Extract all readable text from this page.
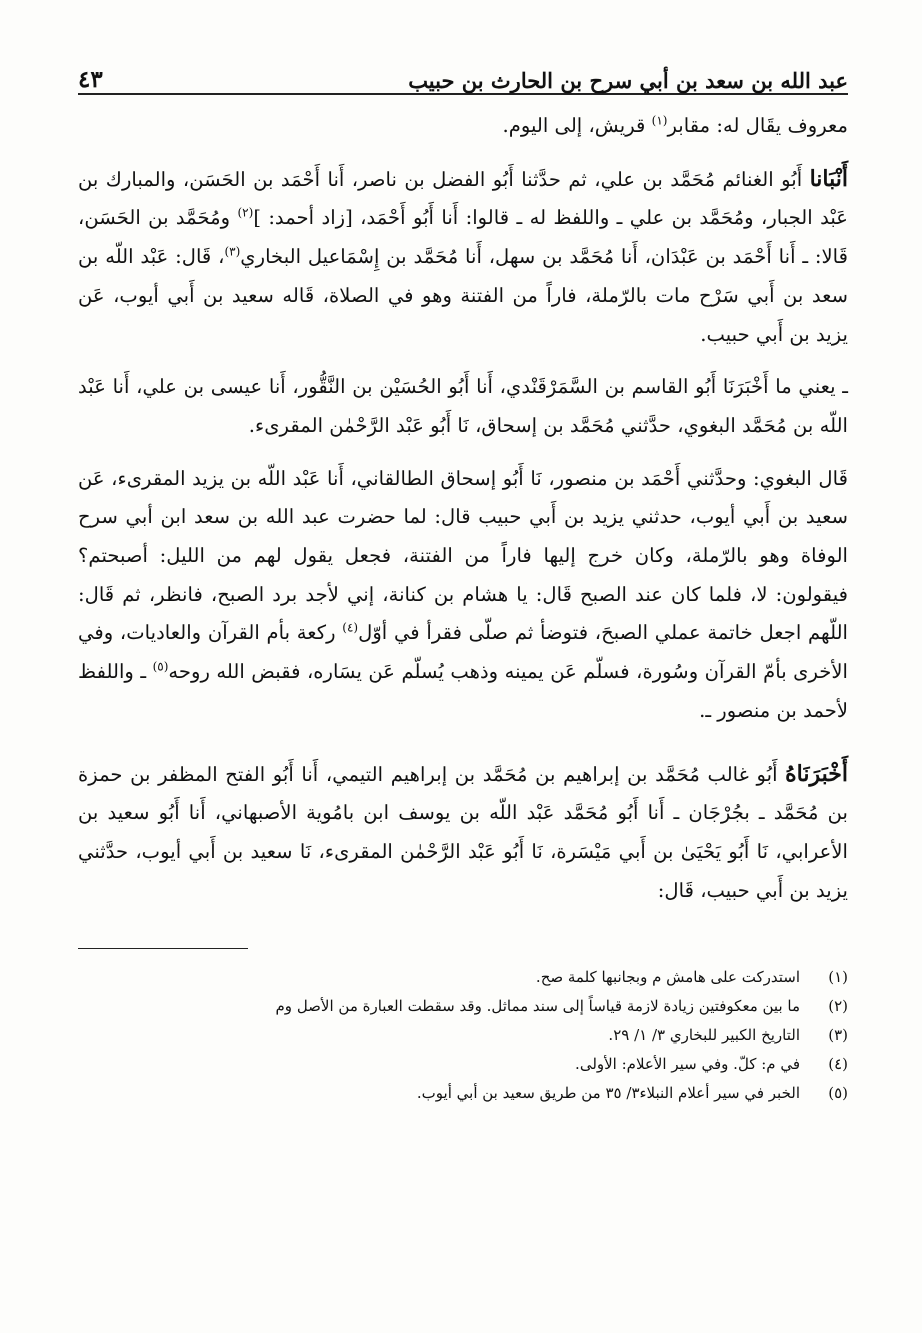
عبد الله بن سعد بن أبي سرح بن الحارث بن حبيب
٤٣

معروف يقَال له: مقابر$^{(١)}$ قريش، إلى اليوم.

أَنْبَانا أَبُو الغنائم مُحَمَّد بن علي، ثم حدَّثنا أَبُو الفضل بن ناصر، أَنا أَحْمَد بن الحَسَن، والمبارك بن عَبْد الجبار، ومُحَمَّد بن علي ـ واللفظ له ـ قالوا: أَنا أَبُو أَحْمَد، [زاد أحمد: ]$^{(٢)}$ ومُحَمَّد بن الحَسَن، قَالا: ـ أَنا أَحْمَد بن عَبْدَان، أَنا مُحَمَّد بن سهل، أَنا مُحَمَّد بن إِسْمَاعيل البخاري$^{(٣)}$، قَال: عَبْد اللّه بن سعد بن أَبي سَرْح مات بالرّملة، فاراً من الفتنة وهو في الصلاة، قَاله سعيد بن أَبي أيوب، عَن يزيد بن أَبي حبيب.

ـ يعني ما أَخْبَرَنَا أَبُو القاسم بن السَّمَرْقَنْدي، أَنا أَبُو الحُسَيْن بن النَّقُّور، أَنا عيسى بن علي، أَنا عَبْد اللّه بن مُحَمَّد البغوي، حدَّثني مُحَمَّد بن إسحاق، نَا أَبُو عَبْد الرَّحْمٰن المقرىء.

قَال البغوي: وحدَّثني أَحْمَد بن منصور، نَا أَبُو إسحاق الطالقاني، أَنا عَبْد اللّه بن يزيد المقرىء، عَن سعيد بن أَبي أيوب، حدثني يزيد بن أَبي حبيب قال: لما حضرت عبد الله بن سعد ابن أبي سرح الوفاة وهو بالرّملة، وكان خرج إليها فاراً من الفتنة، فجعل يقول لهم من الليل: أصبحتم؟ فيقولون: لا، فلما كان عند الصبح قَال: يا هشام بن كنانة، إني لأجد برد الصبح، فانظر، ثم قَال: اللّهم اجعل خاتمة عملي الصبحَ، فتوضأ ثم صلّى فقرأ في أوّل$^{(٤)}$ ركعة بأم القرآن والعاديات، وفي الأخرى بأمّ القرآن وسُورة، فسلّم عَن يمينه وذهب يُسلّم عَن يسَاره، فقبض الله روحه$^{(٥)}$ ـ واللفظ لأحمد بن منصور ـ.

أَخْبَرَنَاهُ أَبُو غالب مُحَمَّد بن إبراهيم بن مُحَمَّد بن إبراهيم التيمي، أَنا أَبُو الفتح المظفر بن حمزة بن مُحَمَّد ـ بجُرْجَان ـ أَنا أَبُو مُحَمَّد عَبْد اللّه بن يوسف ابن بامُوية الأصبهاني، أَنا أَبُو سعيد بن الأعرابي، نَا أَبُو يَحْيَىٰ بن أَبي مَيْسَرة، نَا أَبُو عَبْد الرَّحْمٰن المقرىء، نَا سعيد بن أَبي أيوب، حدَّثني يزيد بن أَبي حبيب، قَال:

(١)
استدركت على هامش م وبجانبها كلمة صح.
(٢)
ما بين معكوفتين زيادة لازمة قياساً إلى سند مماثل. وقد سقطت العبارة من الأصل وم
(٣)
التاريخ الكبير للبخاري ٣/ ١/ ٢٩.
(٤)
في م: كلّ. وفي سير الأعلام: الأولى.
(٥)
الخبر في سير أعلام النبلاء٣/ ٣٥ من طريق سعيد بن أبي أيوب.
